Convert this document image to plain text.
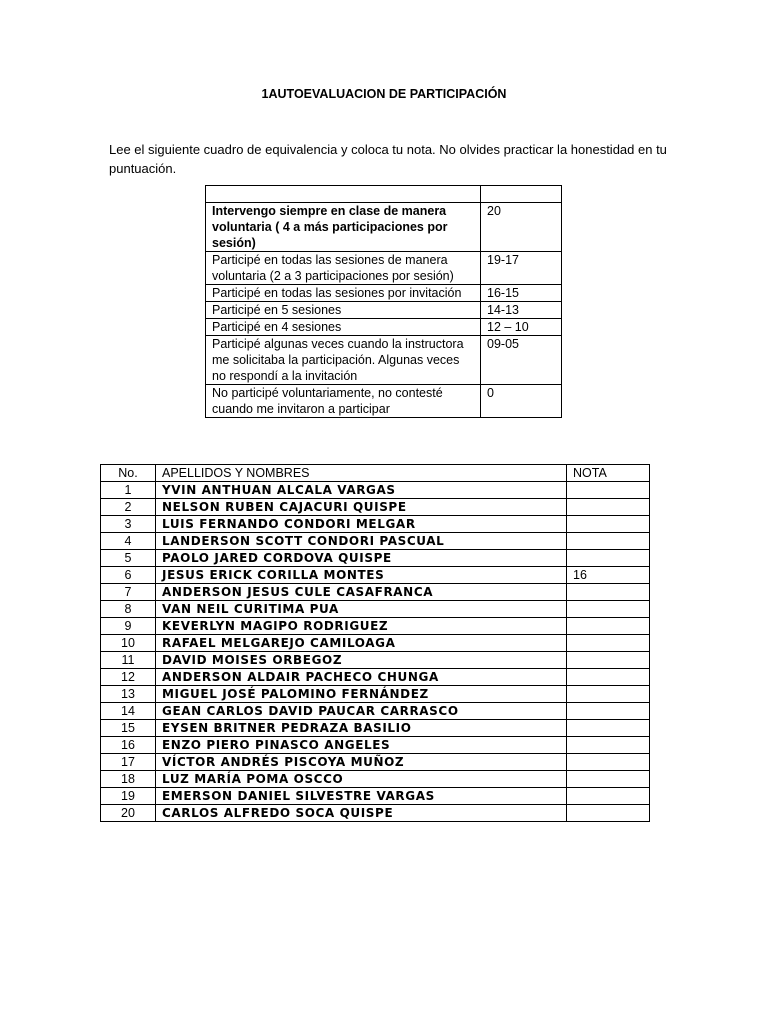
1AUTOEVALUACION DE PARTICIPACIÓN
Lee el siguiente cuadro de equivalencia y coloca tu nota. No olvides practicar la honestidad en tu puntuación.

Intervengo siempre en clase de manera voluntaria ( 4 a más participaciones por sesión)	20
Participé en todas las sesiones de manera voluntaria (2 a 3 participaciones por sesión)	19-17
Participé en todas las sesiones por invitación	16-15
Participé en 5 sesiones	14-13
Participé en 4 sesiones	12 – 10
Participé algunas veces cuando la instructora me solicitaba la participación. Algunas veces no respondí a la invitación	09-05
No participé voluntariamente, no contesté cuando me invitaron a participar	0
No.	APELLIDOS Y NOMBRES	NOTA
1	YVIN ANTHUAN ALCALA VARGAS	
2	NELSON RUBEN CAJACURI QUISPE	
3	LUIS FERNANDO CONDORI MELGAR	
4	LANDERSON SCOTT CONDORI PASCUAL	
5	PAOLO JARED CORDOVA QUISPE	
6	JESUS ERICK CORILLA MONTES	16
7	ANDERSON JESUS CULE CASAFRANCA	
8	VAN NEIL CURITIMA PUA	
9	KEVERLYN MAGIPO RODRIGUEZ	
10	RAFAEL MELGAREJO CAMILOAGA	
11	DAVID MOISES ORBEGOZ	
12	ANDERSON ALDAIR PACHECO CHUNGA	
13	MIGUEL JOSÉ PALOMINO FERNÁNDEZ	
14	GEAN CARLOS DAVID PAUCAR CARRASCO	
15	EYSEN BRITNER PEDRAZA BASILIO	
16	ENZO PIERO PINASCO ANGELES	
17	VÍCTOR ANDRÉS PISCOYA MUÑOZ	
18	LUZ MARÍA POMA OSCCO	
19	EMERSON DANIEL SILVESTRE VARGAS	
20	CARLOS ALFREDO SOCA QUISPE	
